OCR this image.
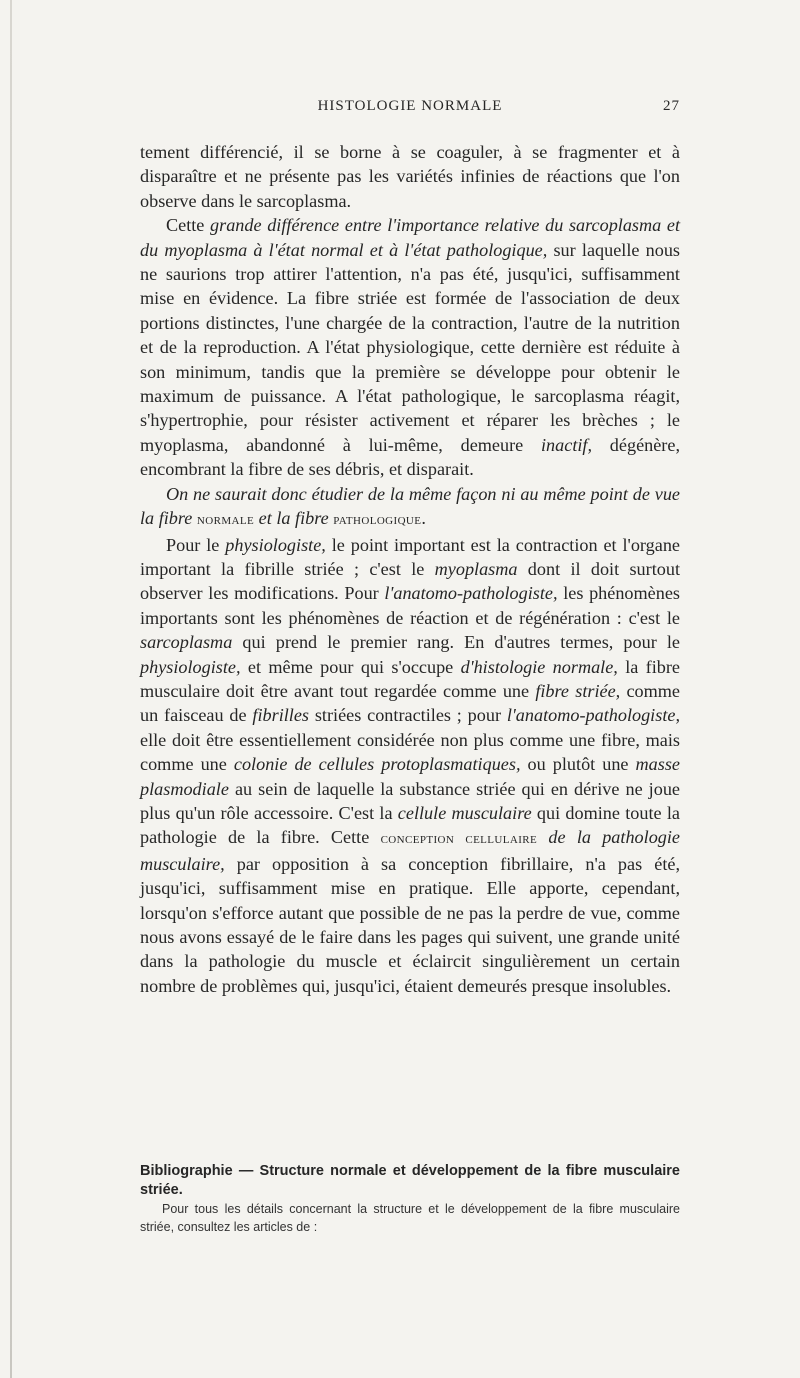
HISTOLOGIE NORMALE	27

tement différencié, il se borne à se coaguler, à se fragmenter et à disparaître et ne présente pas les variétés infinies de réactions que l'on observe dans le sarcoplasma.

Cette grande différence entre l'importance relative du sarcoplasma et du myoplasma à l'état normal et à l'état pathologique, sur laquelle nous ne saurions trop attirer l'attention, n'a pas été, jusqu'ici, suffisamment mise en évidence. La fibre striée est formée de l'association de deux portions distinctes, l'une chargée de la contraction, l'autre de la nutrition et de la reproduction. A l'état physiologique, cette dernière est réduite à son minimum, tandis que la première se développe pour obtenir le maximum de puissance. A l'état pathologique, le sarcoplasma réagit, s'hypertrophie, pour résister activement et réparer les brèches ; le myoplasma, abandonné à lui-même, demeure inactif, dégénère, encombrant la fibre de ses débris, et disparait.

On ne saurait donc étudier de la même façon ni au même point de vue la fibre normale et la fibre pathologique.

Pour le physiologiste, le point important est la contraction et l'organe important la fibrille striée ; c'est le myoplasma dont il doit surtout observer les modifications. Pour l'anatomo-pathologiste, les phénomènes importants sont les phénomènes de réaction et de régénération : c'est le sarcoplasma qui prend le premier rang. En d'autres termes, pour le physiologiste, et même pour qui s'occupe d'histologie normale, la fibre musculaire doit être avant tout regardée comme une fibre striée, comme un faisceau de fibrilles striées contractiles ; pour l'anatomo-pathologiste, elle doit être essentiellement considérée non plus comme une fibre, mais comme une colonie de cellules protoplasmatiques, ou plutôt une masse plasmodiale au sein de laquelle la substance striée qui en dérive ne joue plus qu'un rôle accessoire. C'est la cellule musculaire qui domine toute la pathologie de la fibre. Cette conception cellulaire de la pathologie musculaire, par opposition à sa conception fibrillaire, n'a pas été, jusqu'ici, suffisamment mise en pratique. Elle apporte, cependant, lorsqu'on s'efforce autant que possible de ne pas la perdre de vue, comme nous avons essayé de le faire dans les pages qui suivent, une grande unité dans la pathologie du muscle et éclaircit singulièrement un certain nombre de problèmes qui, jusqu'ici, étaient demeurés presque insolubles.

Bibliographie — Structure normale et développement de la fibre musculaire striée.
Pour tous les détails concernant la structure et le développement de la fibre musculaire striée, consultez les articles de :
